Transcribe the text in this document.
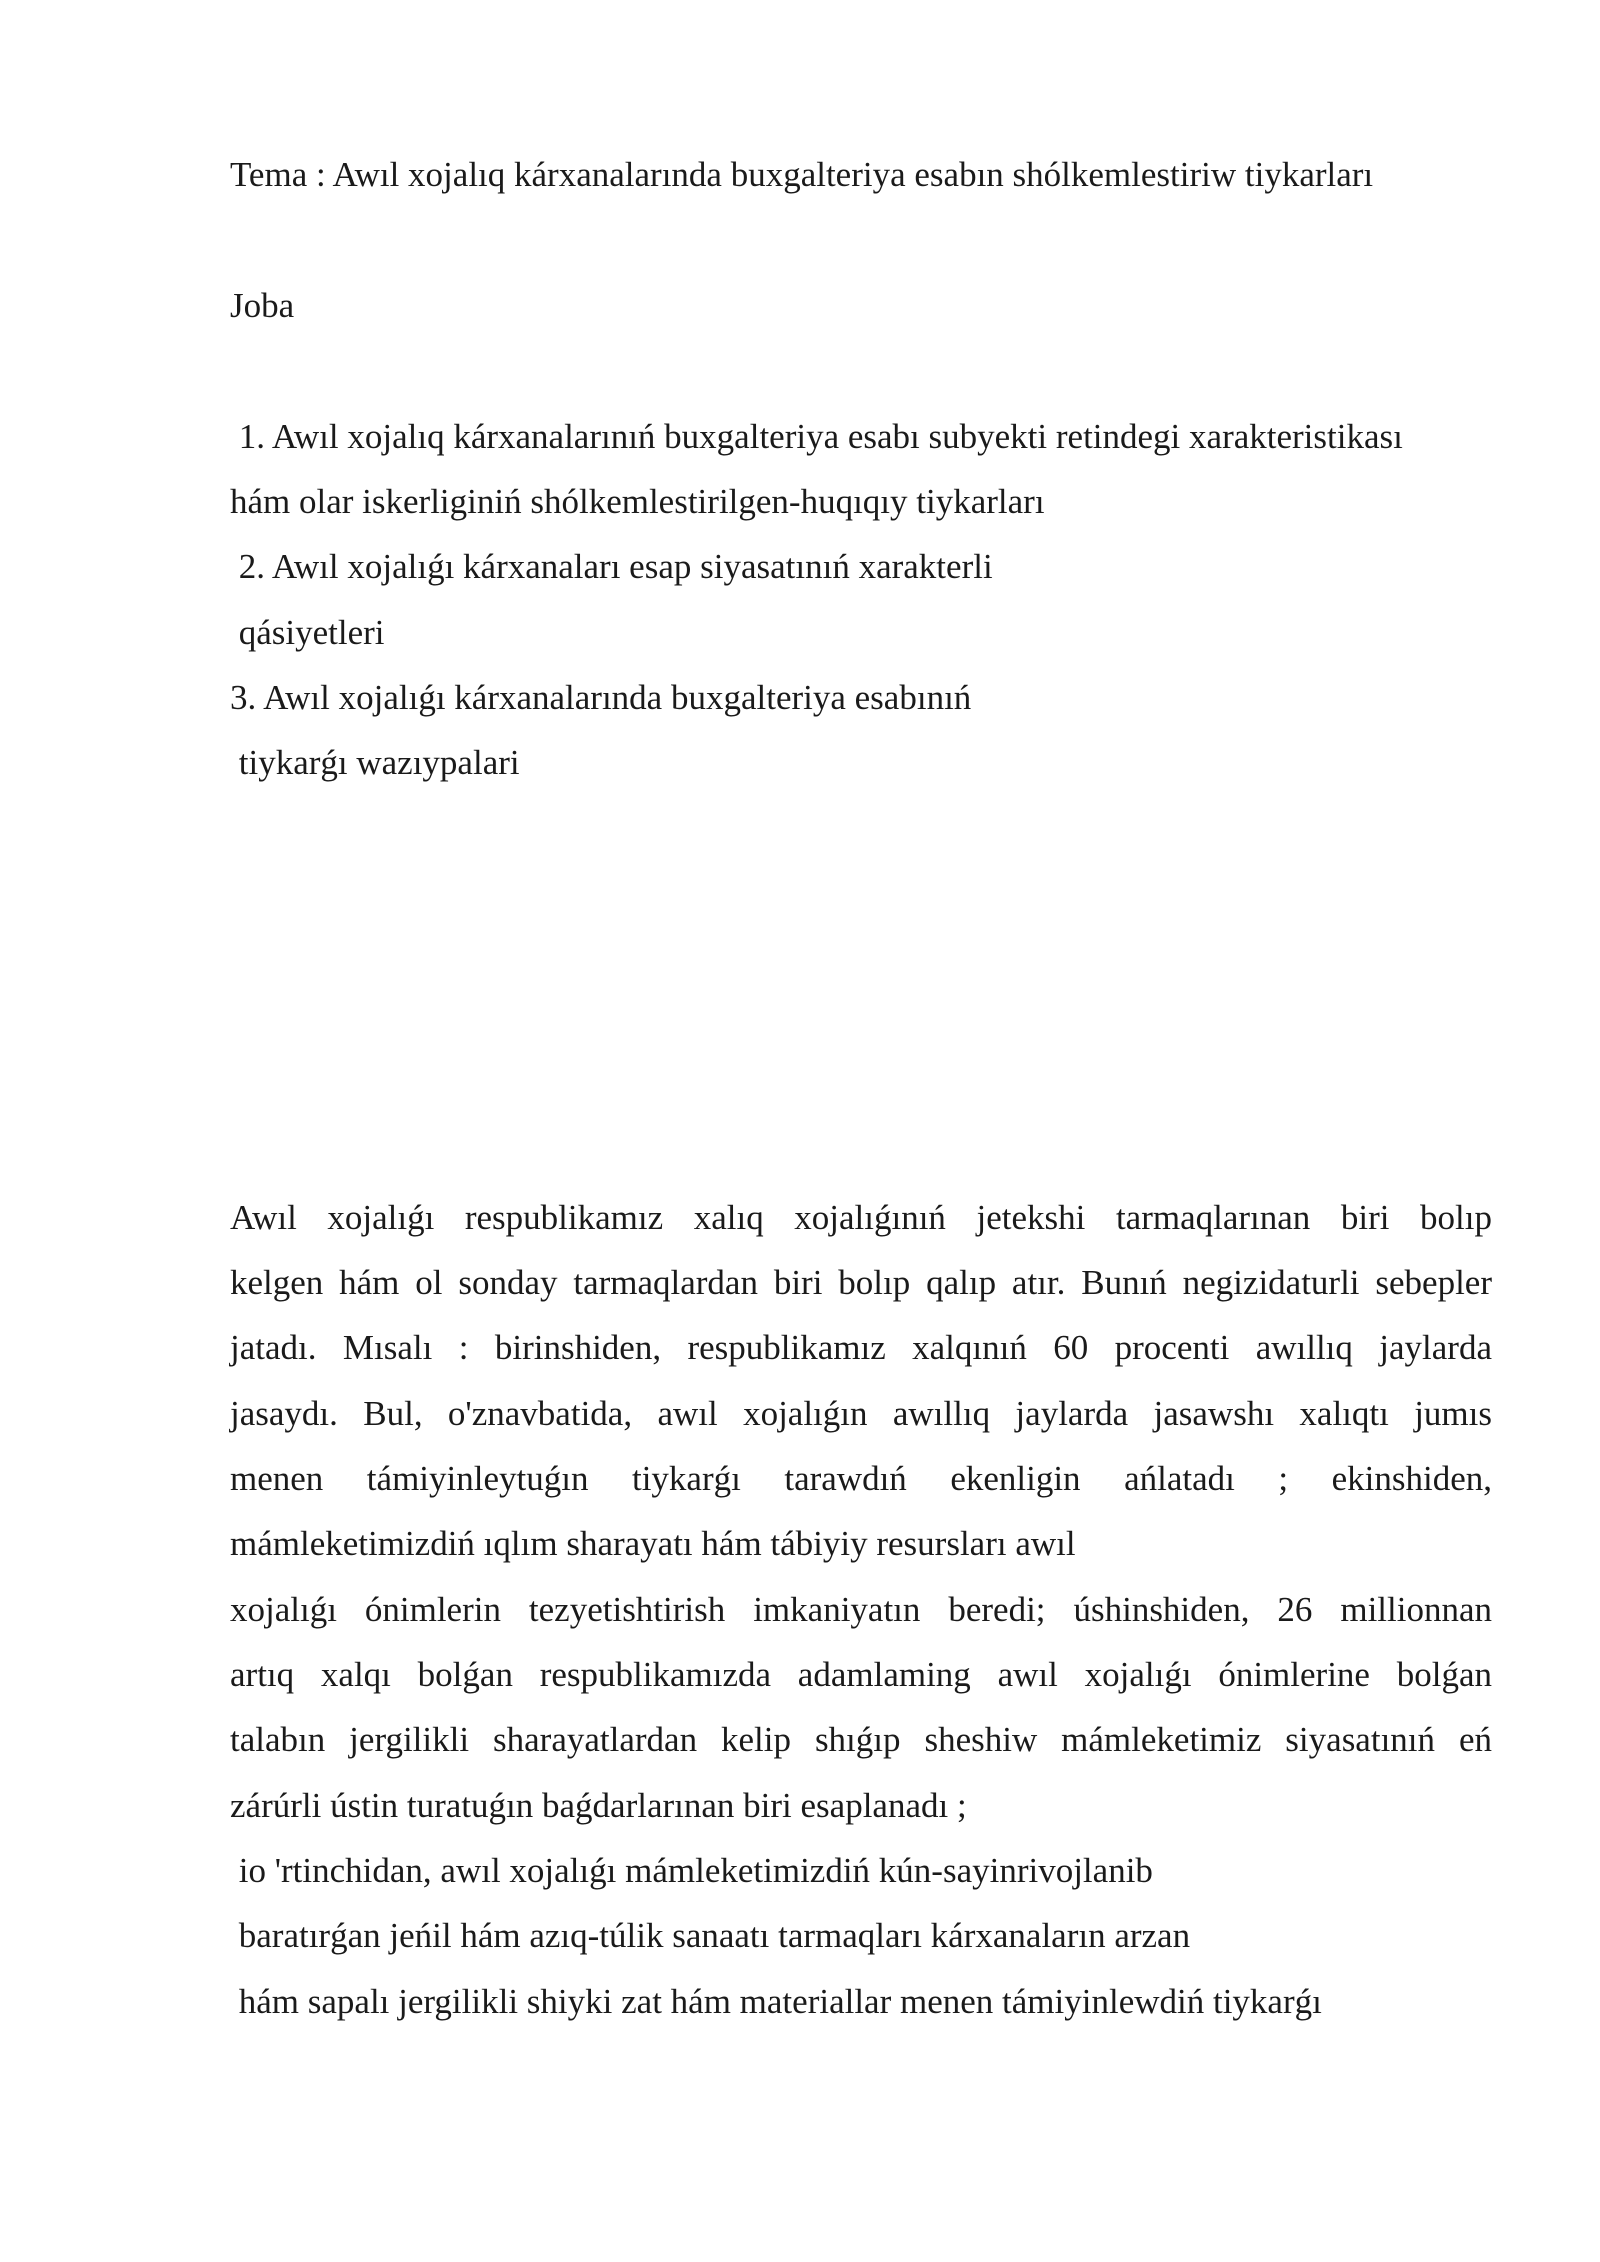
Tema : Awıl xojalıq kárxanalarında buxgalteriya esabın shólkemlestiriw tiykarları
Joba
1. Awıl xojalıq kárxanalarınıń buxgalteriya esabı subyekti retindegi xarakteristikası
hám olar iskerliginiń shólkemlestirilgen-huqıqıy tiykarları
2. Awıl xojalıǵı kárxanaları esap siyasatınıń xarakterli
qásiyetleri
3. Awıl xojalıǵı kárxanalarında buxgalteriya esabınıń
tiykarǵı wazıypalari
Awıl xojalıǵı respublikamız xalıq xojalıǵınıń jetekshi tarmaqlarınan biri bolıp
kelgen hám ol sonday tarmaqlardan biri bolıp qalıp atır. Bunıń negizidaturli sebepler
jatadı. Mısalı : birinshiden, respublikamız xalqınıń 60 procenti awıllıq jaylarda
jasaydı. Bul, o'znavbatida, awıl xojalıǵın awıllıq jaylarda jasawshı xalıqtı jumıs
menen támiyinleytuǵın tiykarǵı tarawdıń ekenligin ańlatadı ; ekinshiden,
mámleketimizdiń ıqlım sharayatı hám tábiyiy resursları awıl
xojalıǵı ónimlerin tezyetishtirish imkaniyatın beredi; úshinshiden, 26 millionnan
artıq xalqı bolǵan respublikamızda adamlaming awıl xojalıǵı ónimlerine bolǵan
talabın jergilikli sharayatlardan kelip shıǵıp sheshiw mámleketimiz siyasatınıń eń
zárúrli ústin turatuǵın baǵdarlarınan biri esaplanadı ;
io 'rtinchidan, awıl xojalıǵı mámleketimizdiń kún-sayinrivojlanib
baratırǵan jeńil hám azıq-túlik sanaatı tarmaqları kárxanaların arzan
hám sapalı jergilikli shiyki zat hám materiallar menen támiyinlewdiń tiykarǵı
